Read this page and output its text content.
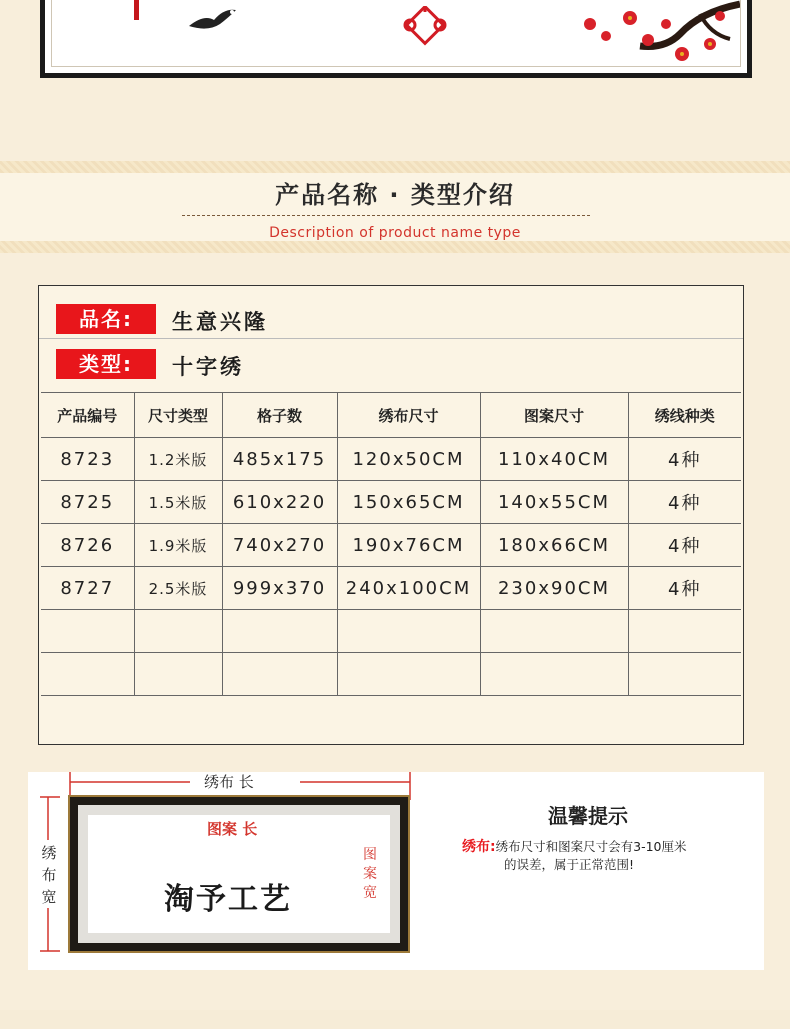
产品名称 · 类型介绍
Description of product name type
品名:	生意兴隆
类型:	十字绣
产品编号	尺寸类型	格子数	绣布尺寸	图案尺寸	绣线种类
8723	1.2米版	485x175	120x50CM	110x40CM	4种
8725	1.5米版	610x220	150x65CM	140x55CM	4种
8726	1.9米版	740x270	190x76CM	180x66CM	4种
8727	2.5米版	999x370	240x100CM	230x90CM	4种

绣布 长
绣
布
宽
图案 长
图
案
宽
淘予工艺
温馨提示
绣布:绣布尺寸和图案尺寸会有3-10厘米
的误差，属于正常范围!
